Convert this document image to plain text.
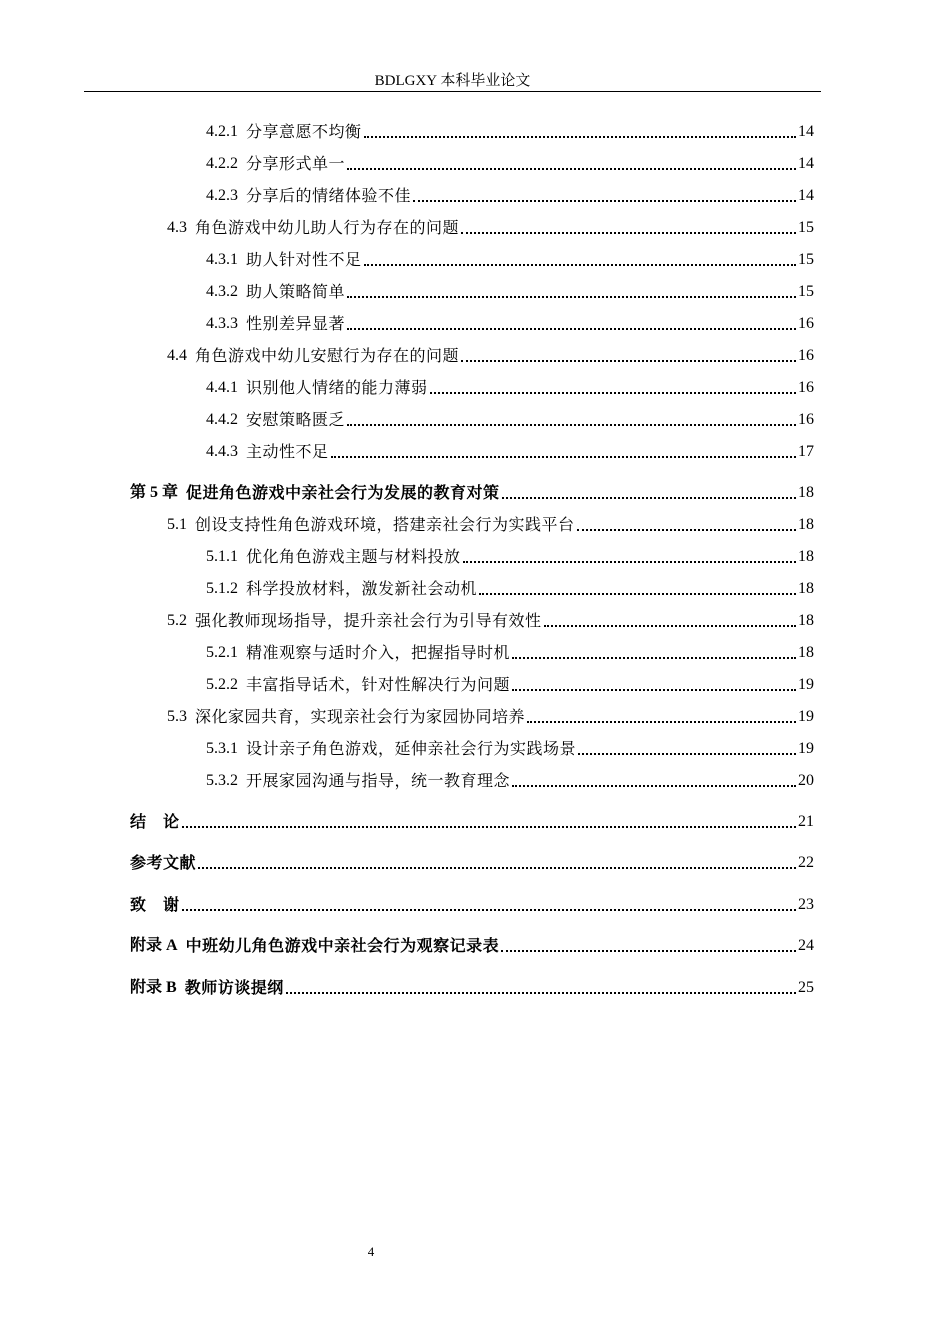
BDLGXY 本科毕业论文
4.2.1 分享意愿不均衡	14
4.2.2 分享形式单一	14
4.2.3 分享后的情绪体验不佳	14
4.3 角色游戏中幼儿助人行为存在的问题	15
4.3.1 助人针对性不足	15
4.3.2 助人策略简单	15
4.3.3 性别差异显著	16
4.4 角色游戏中幼儿安慰行为存在的问题	16
4.4.1 识别他人情绪的能力薄弱	16
4.4.2 安慰策略匮乏	16
4.4.3 主动性不足	17
第 5 章 促进角色游戏中亲社会行为发展的教育对策	18
5.1 创设支持性角色游戏环境，搭建亲社会行为实践平台	18
5.1.1 优化角色游戏主题与材料投放	18
5.1.2 科学投放材料，激发新社会动机	18
5.2 强化教师现场指导，提升亲社会行为引导有效性	18
5.2.1 精准观察与适时介入，把握指导时机	18
5.2.2 丰富指导话术，针对性解决行为问题	19
5.3 深化家园共育，实现亲社会行为家园协同培养	19
5.3.1 设计亲子角色游戏，延伸亲社会行为实践场景	19
5.3.2 开展家园沟通与指导，统一教育理念	20
结　论	21
参考文献	22
致　谢	23
附录 A 中班幼儿角色游戏中亲社会行为观察记录表	24
附录 B 教师访谈提纲	25
4
